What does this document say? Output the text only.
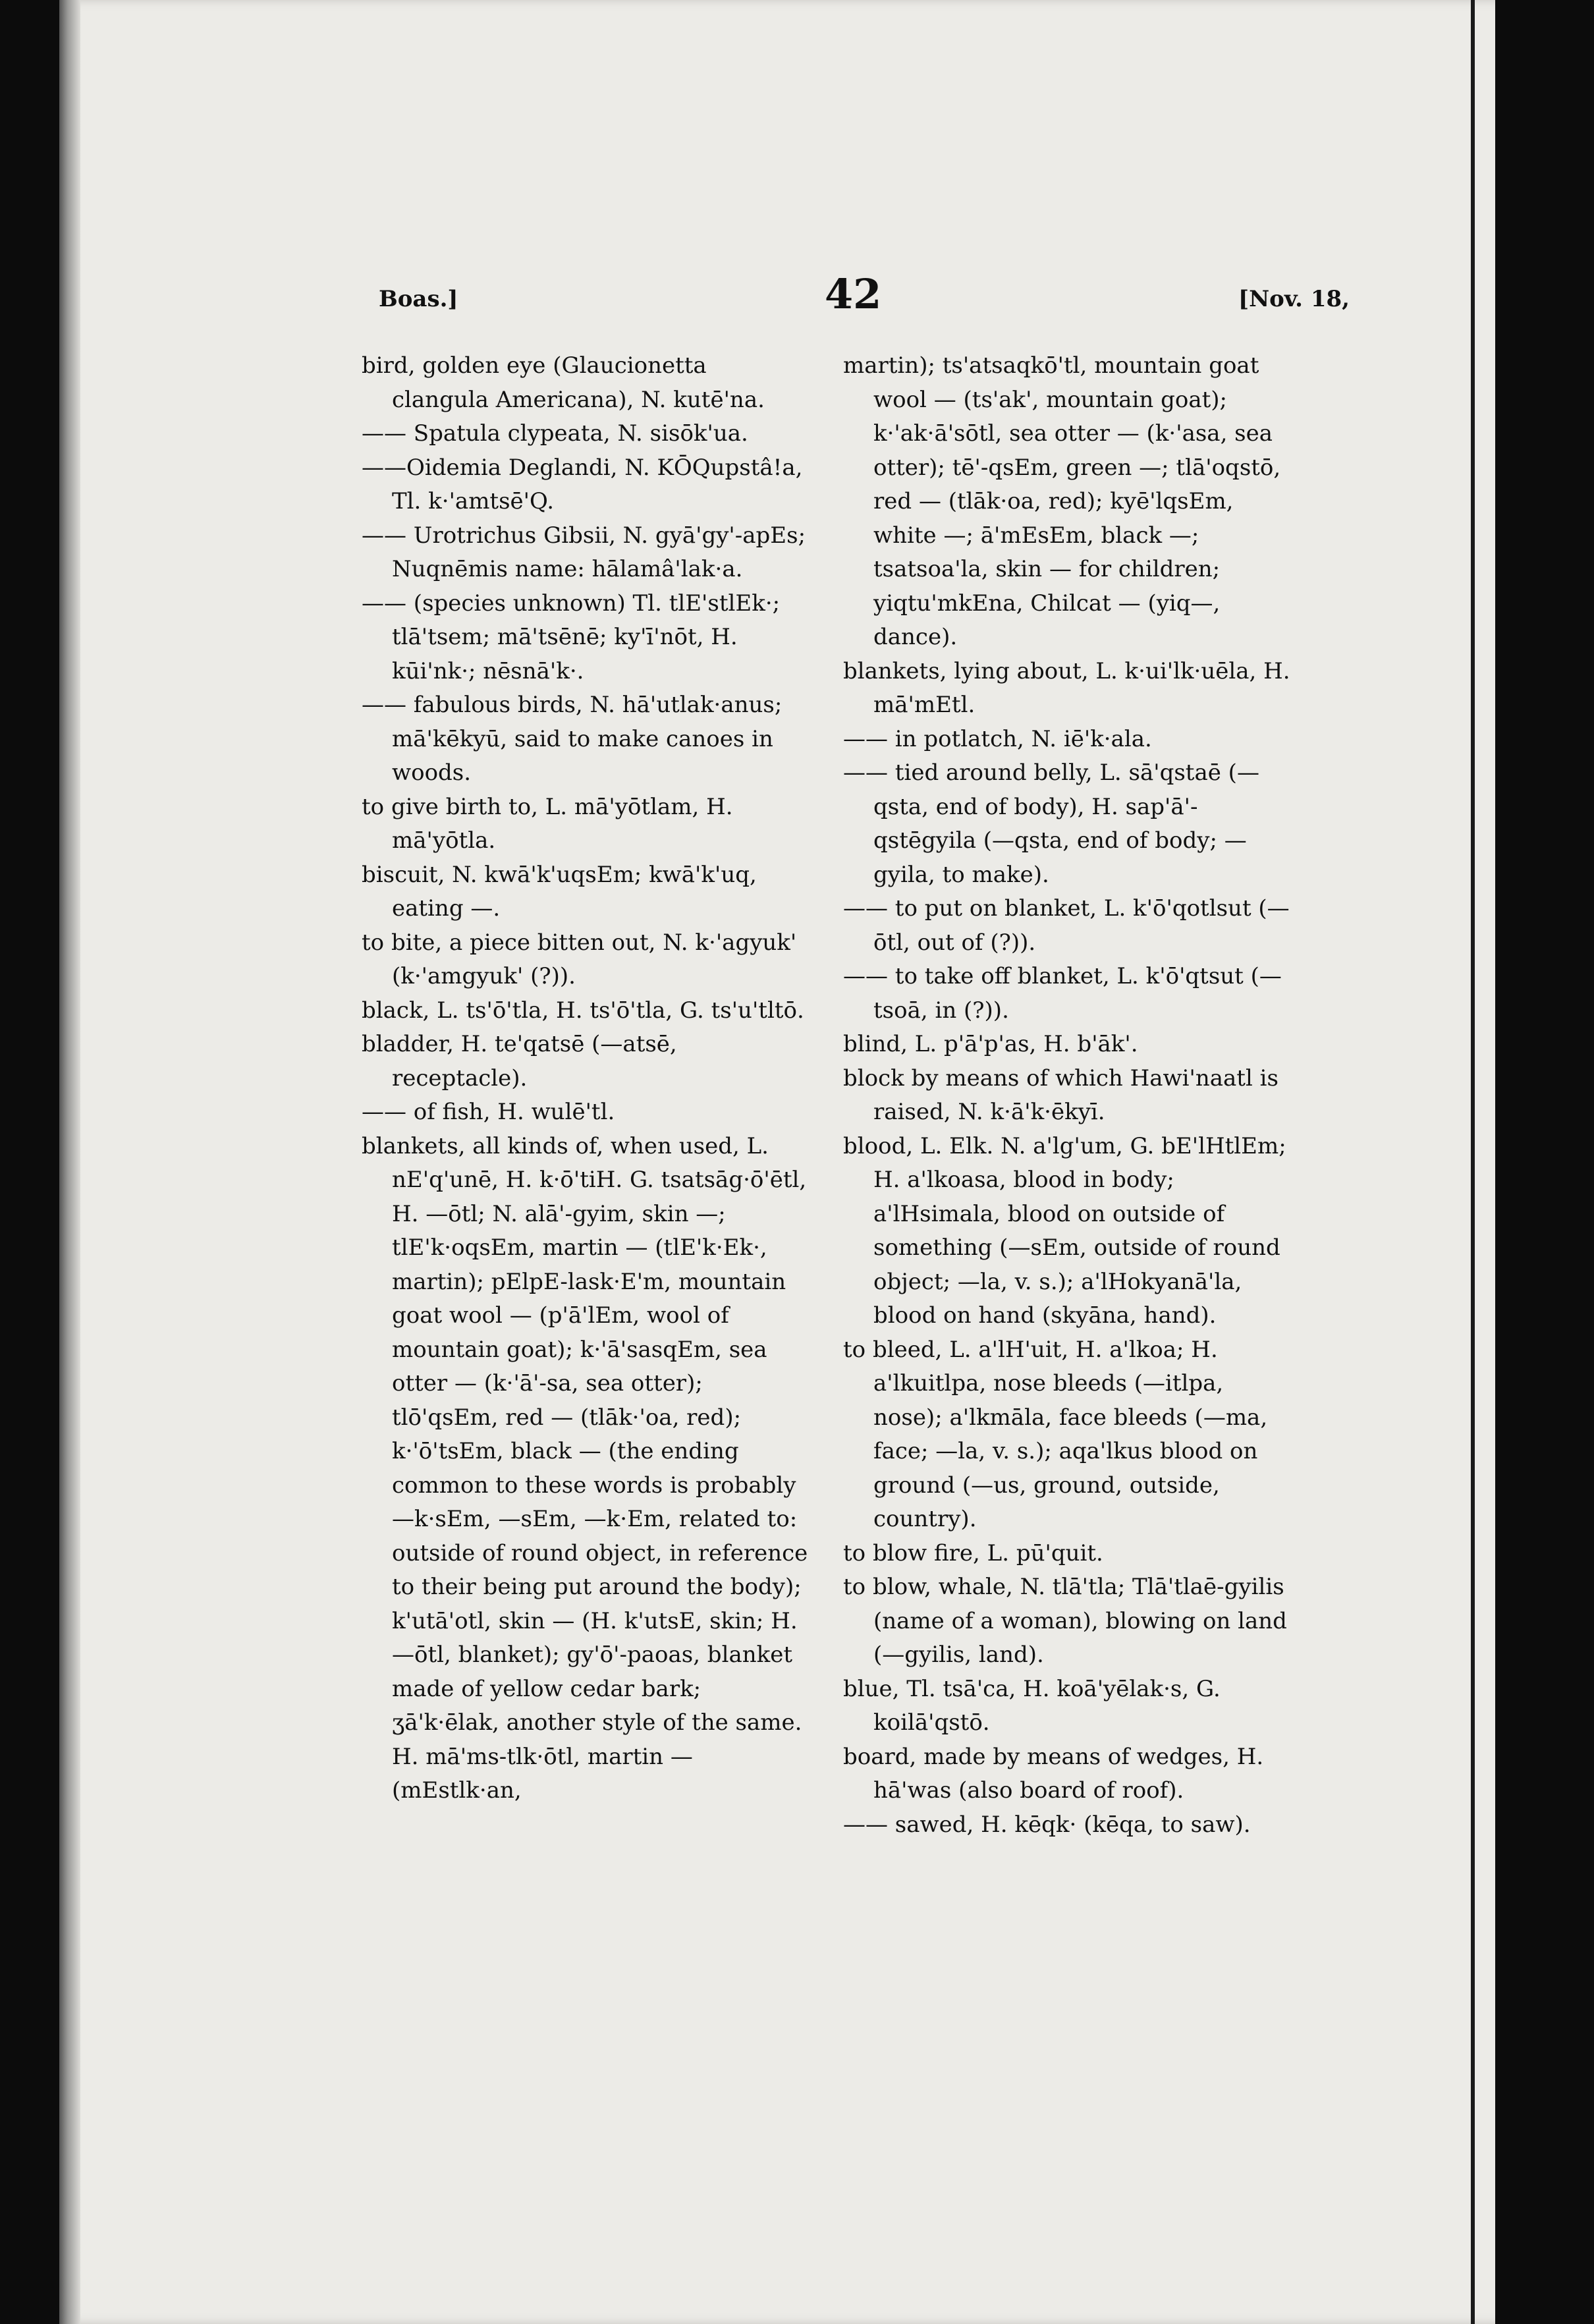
Boas.]	42	[Nov. 18,

bird, golden eye (Glaucionetta clangula Americana), N. kutē'na.

—— Spatula clypeata, N. sisōk'ua.

——Oidemia Deglandi, N. KŌQupstâ!a, Tl. k·'amtsē'Q.

—— Urotrichus Gibsii, N. gyā'gy'-apEs; Nuqnēmis name: hālamâ'lak·a.

—— (species unknown) Tl. tlE'stlEk·; tlā'tsem; mā'tsēnē; ky'ī'nōt, H. kūi'nk·; nēsnā'k·.

—— fabulous birds, N. hā'utlak·anus; mā'kēkyū, said to make canoes in woods.

to give birth to, L. mā'yōtlam, H. mā'yōtla.

biscuit, N. kwā'k'uqsEm; kwā'k'uq, eating —.

to bite, a piece bitten out, N. k·'agyuk' (k·'amgyuk' (?)).

black, L. ts'ō'tla, H. ts'ō'tla, G. ts'u'tltō.

bladder, H. te'qatsē (—atsē, receptacle).

—— of fish, H. wulē'tl.

blankets, all kinds of, when used, L. nE'q'unē, H. k·ō'tiH. G. tsatsāg·ō'ētl, H. —ōtl; N. alā'-gyim, skin —; tlE'k·oqsEm, martin — (tlE'k·Ek·, martin); pElpE-lask·E'm, mountain goat wool — (p'ā'lEm, wool of mountain goat); k·'ā'sasqEm, sea otter — (k·'ā'-sa, sea otter); tlō'qsEm, red — (tlāk·'oa, red); k·'ō'tsEm, black — (the ending common to these words is probably —k·sEm, —sEm, —k·Em, related to: outside of round object, in reference to their being put around the body); k'utā'otl, skin — (H. k'utsE, skin; H. —ōtl, blanket); gy'ō'-paoas, blanket made of yellow cedar bark; ʒā'k·ēlak, another style of the same. H. mā'ms-tlk·ōtl, martin — (mEstlk·an,

martin); ts'atsaqkō'tl, mountain goat wool — (ts'ak', mountain goat); k·'ak·ā'sōtl, sea otter — (k·'asa, sea otter); tē'-qsEm, green —; tlā'oqstō, red — (tlāk·oa, red); kyē'lqsEm, white —; ā'mEsEm, black —; tsatsoa'la, skin — for children; yiqtu'mkEna, Chilcat — (yiq—, dance).

blankets, lying about, L. k·ui'lk·uēla, H. mā'mEtl.

—— in potlatch, N. iē'k·ala.

—— tied around belly, L. sā'qstaē (—qsta, end of body), H. sap'ā'-qstēgyila (—qsta, end of body; —gyila, to make).

—— to put on blanket, L. k'ō'qotlsut (—ōtl, out of (?)).

—— to take off blanket, L. k'ō'qtsut (—tsoā, in (?)).

blind, L. p'ā'p'as, H. b'āk'.

block by means of which Hawi'naatl is raised, N. k·ā'k·ēkyī.

blood, L. Elk. N. a'lg'um, G. bE'lHtlEm; H. a'lkoasa, blood in body; a'lHsimala, blood on outside of something (—sEm, outside of round object; —la, v. s.); a'lHokyanā'la, blood on hand (skyāna, hand).

to bleed, L. a'lH'uit, H. a'lkoa; H. a'lkuitlpa, nose bleeds (—itlpa, nose); a'lkmāla, face bleeds (—ma, face; —la, v. s.); aqa'lkus blood on ground (—us, ground, outside, country).

to blow fire, L. pū'quit.

to blow, whale, N. tlā'tla; Tlā'tlaē-gyilis (name of a woman), blowing on land (—gyilis, land).

blue, Tl. tsā'ca, H. koā'yēlak·s, G. koilā'qstō.

board, made by means of wedges, H. hā'was (also board of roof).

—— sawed, H. kēqk· (kēqa, to saw).
